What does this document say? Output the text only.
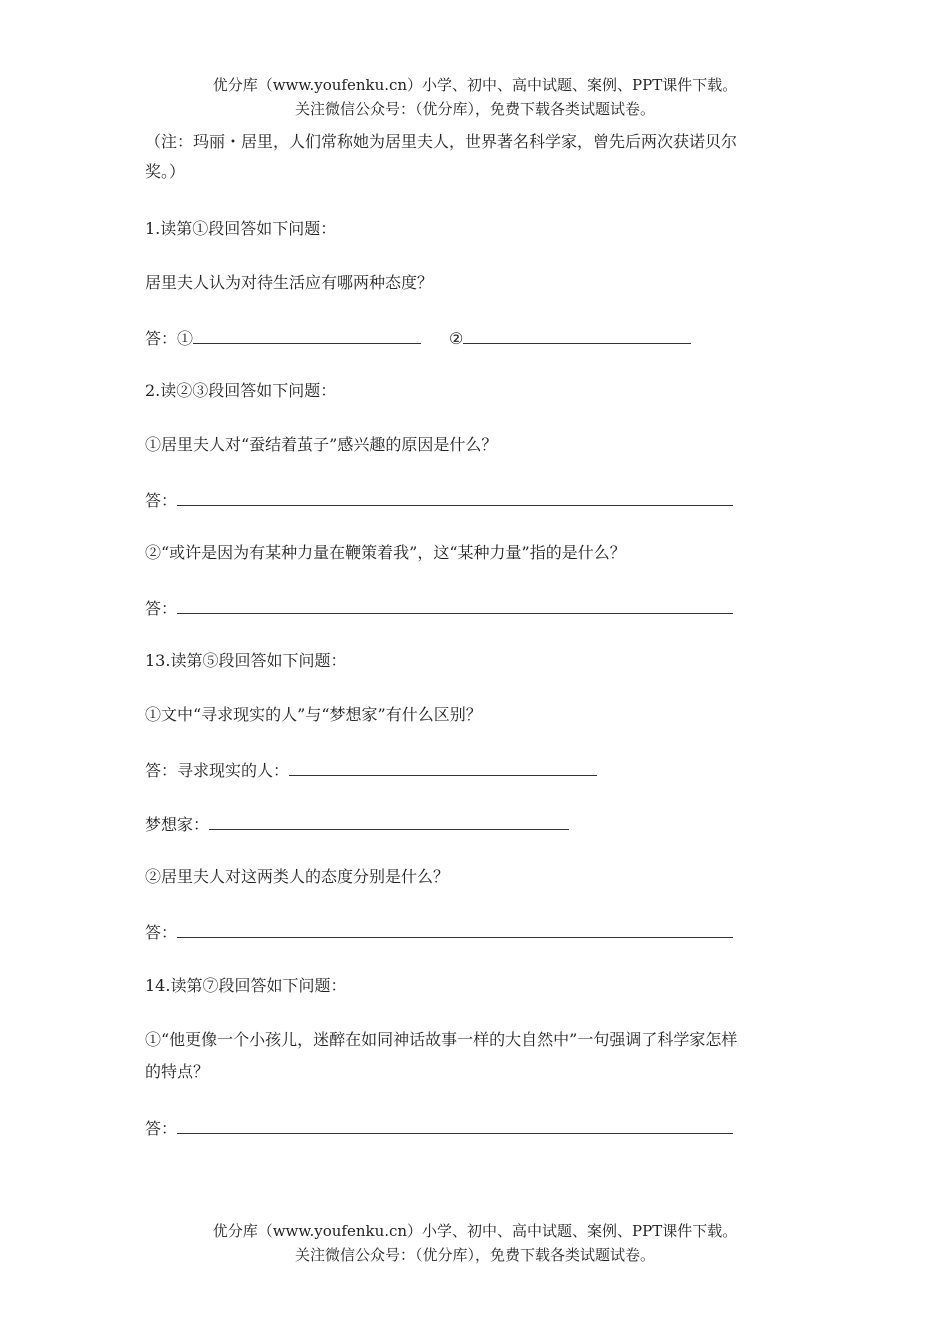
优分库（www.youfenku.cn）小学、初中、高中试题、案例、PPT课件下载。
关注微信公众号：（优分库），免费下载各类试题试卷。
（注：玛丽・居里，人们常称她为居里夫人，世界著名科学家，曾先后两次获诺贝尔
奖。）
1.读第①段回答如下问题：
居里夫人认为对待生活应有哪两种态度？
答：①	②
2.读②③段回答如下问题：
①居里夫人对“蚕结着茧子”感兴趣的原因是什么？
答：
②“或许是因为有某种力量在鞭策着我”，这“某种力量”指的是什么？
答：
13.读第⑤段回答如下问题：
①文中“寻求现实的人”与“梦想家”有什么区别？
答：寻求现实的人：
梦想家：
②居里夫人对这两类人的态度分别是什么？
答：
14.读第⑦段回答如下问题：
①“他更像一个小孩儿，迷醉在如同神话故事一样的大自然中”一句强调了科学家怎样
的特点？
答：
优分库（www.youfenku.cn）小学、初中、高中试题、案例、PPT课件下载。
关注微信公众号：（优分库），免费下载各类试题试卷。
